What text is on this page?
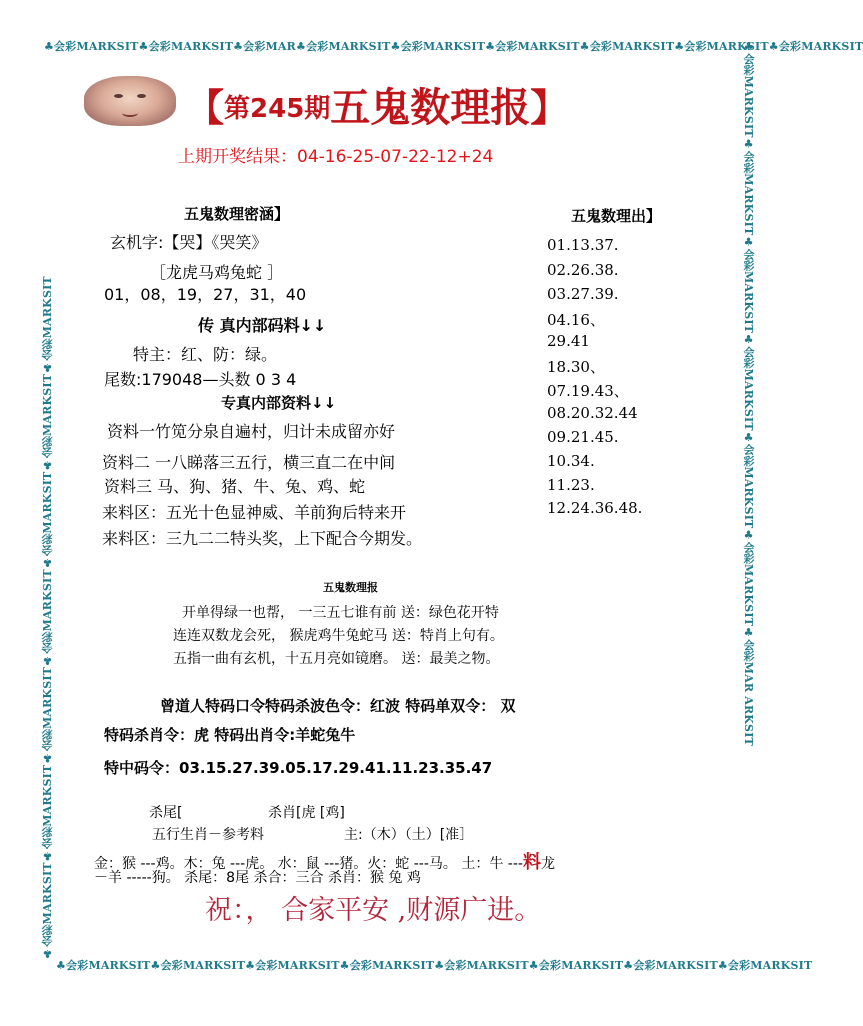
♣会彩MARKSIT♣会彩MARKSIT♣会彩MAR♣会彩MARKSIT♣会彩MARKSIT♣会彩MARKSIT♣会彩MARKSIT♣会彩MARKSIT♣会彩MARKSIT
♣会彩MARKSIT♣会彩MARKSIT♣会彩MARKSIT♣会彩MARKSIT♣会彩MARKSIT♣会彩MARKSIT♣会彩MARKSIT♣会彩MARKSIT
♣会彩MARKSIT♣会彩MARKSIT♣会彩MARKSIT♣会彩MARKSIT♣会彩MARKSIT♣会彩MARKSIT♣会彩MARKSIT	♣会彩MARKSIT♣会彩MARKSIT♣会彩MARKSIT♣会彩MARKSIT♣会彩MARKSIT♣会彩MARKSIT♣会彩MAR ARKSIT
【第245期五鬼数理报】
上期开奖结果：04-16-25-07-22-12+24
五鬼数理密涵】
玄机字:【哭】《哭笑》
［龙虎马鸡兔蛇 ］
01，08，19，27，31，40
传 真内部码料↓↓
特主：红、防：绿。
尾数:179048—头数 0 3 4
专真内部资料↓↓
资料一竹笕分泉自遍村，归计未成留亦好
资料二 一八睇落三五行，横三直二在中间
资料三 马、狗、猪、牛、兔、鸡、蛇
来料区：五光十色显神威、羊前狗后特来开
来料区：三九二二特头奖，上下配合今期发。
五鬼数理出】
01.13.37.
02.26.38.
03.27.39.
04.16、
29.41
18.30、
07.19.43、
08.20.32.44
09.21.45.
10.34.
11.23.
12.24.36.48.
五鬼数理报
开单得绿一也帮， 一三五七谁有前 送：绿色花开特
连连双数龙会死， 猴虎鸡牛兔蛇马 送：特肖上句有。
五指一曲有玄机，十五月亮如镜磨。 送：最美之物。
曾道人特码口令特码杀波色令：红波 特码单双令： 双
特码杀肖令：虎 特码出肖令:羊蛇兔牛
特中码令：03.15.27.39.05.17.29.41.11.23.35.47
杀尾[	杀肖[虎 [鸡]
五行生肖－参考料	主:（木）（土）[准］
金：猴 ---鸡。木：兔 ---虎。 水：鼠 ---猪。火：蛇 ---马。 土：牛 ---料龙
－羊 -----狗。 杀尾：8尾 杀合：三合 杀肖：猴 兔 鸡
祝：， 合家平安 ,财源广进。
